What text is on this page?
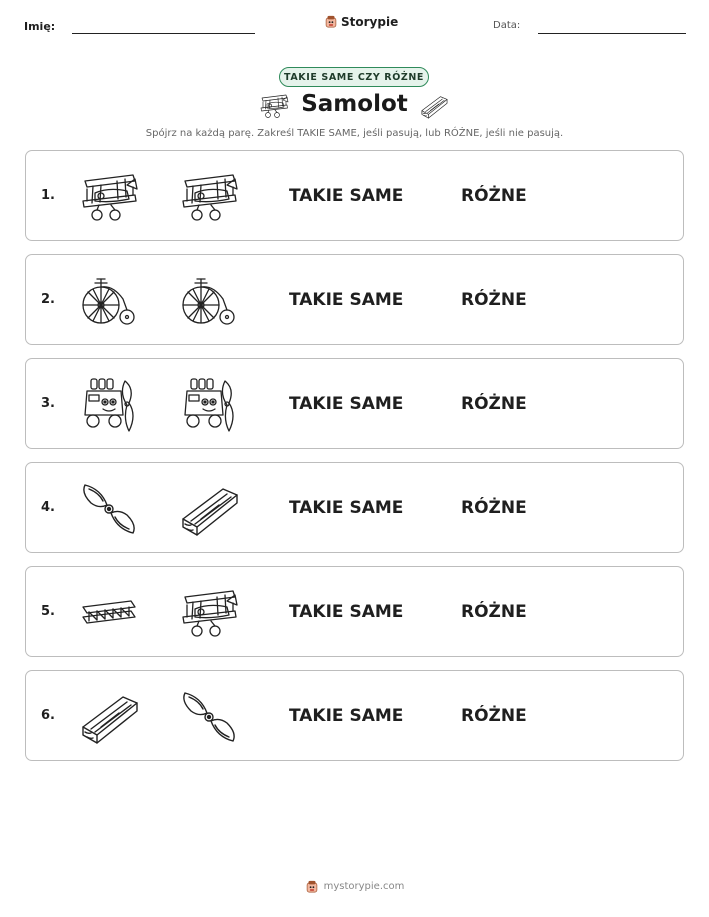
Imię:	Storypie	Data:
TAKIE SAME CZY RÓŻNE
Samolot
Spójrz na każdą parę. Zakreśl TAKIE SAME, jeśli pasują, lub RÓŻNE, jeśli nie pasują.
1.	TAKIE SAME	RÓŻNE
2.	TAKIE SAME	RÓŻNE
3.	TAKIE SAME	RÓŻNE
4.	TAKIE SAME	RÓŻNE
5.	TAKIE SAME	RÓŻNE
6.	TAKIE SAME	RÓŻNE
mystorypie.com
